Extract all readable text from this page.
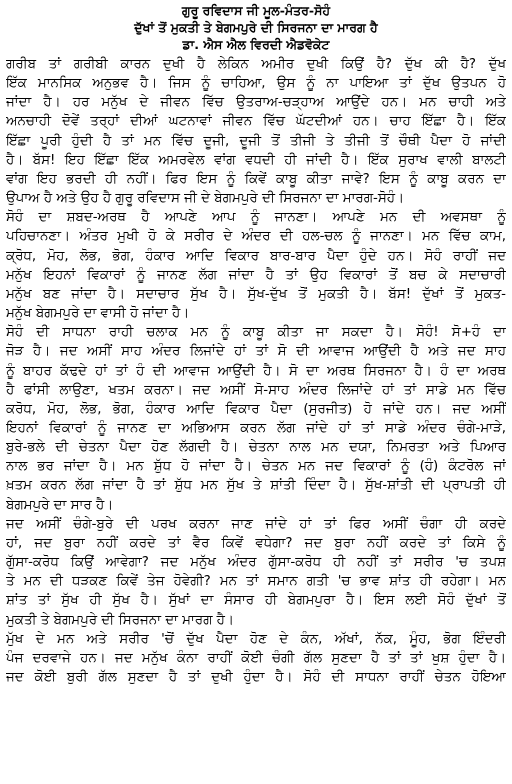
ਗੁਰੂ ਰਵਿਦਾਸ ਜੀ ਮੂਲ-ਮੰਤਰ-ਸੋਹੰ
ਦੁੱਖਾਂ ਤੋਂ ਮੁਕਤੀ ਤੇ ਬੇਗਮਪੁਰੇ ਦੀ ਸਿਰਜਨਾ ਦਾ ਮਾਰਗ ਹੈ
ਡਾ. ਐਸ ਐਲ ਵਿਰਦੀ ਐਡਵੋਕੇਟ
ਗਰੀਬ ਤਾਂ ਗਰੀਬੀ ਕਾਰਨ ਦੁਖੀ ਹੈ ਲੇਕਿਨ ਅਮੀਰ ਦੁਖੀ ਕਿਉਂ ਹੈ? ਦੁੱਖ ਕੀ ਹੈ? ਦੁੱਖ
ਇੱਕ ਮਾਨਸਿਕ ਅਨੁਭਵ ਹੈ। ਜਿਸ ਨੂੰ ਚਾਹਿਆ, ਉਸ ਨੂੰ ਨਾ ਪਾਇਆ ਤਾਂ ਦੁੱਖ ਉਤਪਨ ਹੋ
ਜਾਂਦਾ ਹੈ। ਹਰ ਮਨੁੱਖ ਦੇ ਜੀਵਨ ਵਿੱਚ ਉਤਰਾਅ-ਚੜ੍ਹਾਅ ਆਉਂਦੇ ਹਨ। ਮਨ ਚਾਹੀ ਅਤੇ
ਅਨਚਾਹੀ ਦੋਵੇਂ ਤਰ੍ਹਾਂ ਦੀਆਂ ਘਟਨਾਵਾਂ ਜੀਵਨ ਵਿੱਚ ਘੱਟਦੀਆਂ ਹਨ। ਚਾਹ ਇੱਛਾ ਹੈ। ਇੱਕ
ਇੱਛਾ ਪੂਰੀ ਹੁੰਦੀ ਹੈ ਤਾਂ ਮਨ ਵਿੱਚ ਦੂਜੀ, ਦੂਜੀ ਤੋਂ ਤੀਜੀ ਤੇ ਤੀਜੀ ਤੋਂ ਚੌਥੀ ਪੈਦਾ ਹੋ ਜਾਂਦੀ
ਹੈ। ਬੱਸ! ਇਹ ਇੱਛਾ ਇੱਕ ਅਮਰਵੇਲ ਵਾਂਗ ਵਧਦੀ ਹੀ ਜਾਂਦੀ ਹੈ। ਇੱਕ ਸੁਰਾਖ ਵਾਲੀ ਬਾਲਟੀ
ਵਾਂਗ ਇਹ ਭਰਦੀ ਹੀ ਨਹੀਂ। ਫਿਰ ਇਸ ਨੂੰ ਕਿਵੇਂ ਕਾਬੂ ਕੀਤਾ ਜਾਵੇ? ਇਸ ਨੂੰ ਕਾਬੂ ਕਰਨ ਦਾ
ਉਪਾਅ ਹੈ ਅਤੇ ਉਹ ਹੈ ਗੁਰੂ ਰਵਿਦਾਸ ਜੀ ਦੇ ਬੇਗਮਪੁਰੇ ਦੀ ਸਿਰਜਨਾ ਦਾ ਮਾਰਗ-ਸੋਹੰ।
ਸੋਹੰ ਦਾ ਸ਼ਬਦ-ਅਰਥ ਹੈ ਆਪਣੇ ਆਪ ਨੂੰ ਜਾਨਣਾ। ਆਪਣੇ ਮਨ ਦੀ ਅਵਸਥਾ ਨੂੰ
ਪਹਿਚਾਨਣਾ। ਅੰਤਰ ਮੁਖੀ ਹੋ ਕੇ ਸਰੀਰ ਦੇ ਅੰਦਰ ਦੀ ਹਲ-ਚਲ ਨੂੰ ਜਾਨਣਾ। ਮਨ ਵਿੱਚ ਕਾਮ,
ਕ੍ਰੋਧ, ਮੋਹ, ਲੋਭ, ਭੋਗ, ਹੰਕਾਰ ਆਦਿ ਵਿਕਾਰ ਬਾਰ-ਬਾਰ ਪੈਦਾ ਹੁੰਦੇ ਹਨ। ਸੋਹੰ ਰਾਹੀਂ ਜਦ
ਮਨੁੱਖ ਇਹਨਾਂ ਵਿਕਾਰਾਂ ਨੂੰ ਜਾਨਣ ਲੱਗ ਜਾਂਦਾ ਹੈ ਤਾਂ ਉਹ ਵਿਕਾਰਾਂ ਤੋਂ ਬਚ ਕੇ ਸਦਾਚਾਰੀ
ਮਨੁੱਖ ਬਣ ਜਾਂਦਾ ਹੈ। ਸਦਾਚਾਰ ਸੁੱਖ ਹੈ। ਸੁੱਖ-ਦੁੱਖ ਤੋਂ ਮੁਕਤੀ ਹੈ। ਬੱਸ! ਦੁੱਖਾਂ ਤੋਂ ਮੁਕਤ-
ਮਨੁੱਖ ਬੇਗਮਪੁਰੇ ਦਾ ਵਾਸੀ ਹੋ ਜਾਂਦਾ ਹੈ।
ਸੋਹੰ ਦੀ ਸਾਧਨਾ ਰਾਹੀ ਚਲਾਕ ਮਨ ਨੂੰ ਕਾਬੂ ਕੀਤਾ ਜਾ ਸਕਦਾ ਹੈ। ਸੋਹੰ! ਸੋ+ਹੰ ਦਾ
ਜੋੜ ਹੈ। ਜਦ ਅਸੀਂ ਸਾਹ ਅੰਦਰ ਲਿਜਾਂਦੇ ਹਾਂ ਤਾਂ ਸੋ ਦੀ ਆਵਾਜ ਆਉਂਦੀ ਹੈ ਅਤੇ ਜਦ ਸਾਹ
ਨੂੰ ਬਾਹਰ ਕੱਢਦੇ ਹਾਂ ਤਾਂ ਹੰ ਦੀ ਆਵਾਜ ਆਉਂਦੀ ਹੈ। ਸੋ ਦਾ ਅਰਥ ਸਿਰਜਨਾ ਹੈ। ਹੰ ਦਾ ਅਰਥ
ਹੈ ਫਾਂਸੀ ਲਾਉਣਾ, ਖਤਮ ਕਰਨਾ। ਜਦ ਅਸੀਂ ਸੋ-ਸਾਹ ਅੰਦਰ ਲਿਜਾਂਦੇ ਹਾਂ ਤਾਂ ਸਾਡੇ ਮਨ ਵਿੱਚ
ਕਰੋਧ, ਮੋਹ, ਲੋਭ, ਭੋਗ, ਹੰਕਾਰ ਆਦਿ ਵਿਕਾਰ ਪੈਦਾ (ਸੁਰਜੀਤ) ਹੋ ਜਾਂਦੇ ਹਨ। ਜਦ ਅਸੀਂ
ਇਹਨਾਂ ਵਿਕਾਰਾਂ ਨੂੰ ਜਾਨਣ ਦਾ ਅਭਿਆਸ ਕਰਨ ਲੱਗ ਜਾਂਦੇ ਹਾਂ ਤਾਂ ਸਾਡੇ ਅੰਦਰ ਚੰਗੇ-ਮਾੜੇ,
ਬੁਰੇ-ਭਲੇ ਦੀ ਚੇਤਨਾ ਪੈਦਾ ਹੋਣ ਲੱਗਦੀ ਹੈ। ਚੇਤਨਾ ਨਾਲ ਮਨ ਦਯਾ, ਨਿਮਰਤਾ ਅਤੇ ਪਿਆਰ
ਨਾਲ ਭਰ ਜਾਂਦਾ ਹੈ। ਮਨ ਸ਼ੁੱਧ ਹੋ ਜਾਂਦਾ ਹੈ। ਚੇਤਨ ਮਨ ਜਦ ਵਿਕਾਰਾਂ ਨੂੰ (ਹੰ) ਕੰਟਰੋਲ ਜਾਂ
ਖ਼ਤਮ ਕਰਨ ਲੱਗ ਜਾਂਦਾ ਹੈ ਤਾਂ ਸ਼ੁੱਧ ਮਨ ਸੁੱਖ ਤੇ ਸ਼ਾਂਤੀ ਦਿੰਦਾ ਹੈ। ਸੁੱਖ-ਸ਼ਾਂਤੀ ਦੀ ਪ੍ਰਾਪਤੀ ਹੀ
ਬੇਗਮਪੁਰੇ ਦਾ ਸਾਰ ਹੈ।
ਜਦ ਅਸੀਂ ਚੰਗੇ-ਬੁਰੇ ਦੀ ਪਰਖ ਕਰਨਾ ਜਾਣ ਜਾਂਦੇ ਹਾਂ ਤਾਂ ਫਿਰ ਅਸੀਂ ਚੰਗਾ ਹੀ ਕਰਦੇ
ਹਾਂ, ਜਦ ਬੁਰਾ ਨਹੀਂ ਕਰਦੇ ਤਾਂ ਵੈਰ ਕਿਵੇਂ ਵਧੇਗਾ? ਜਦ ਬੁਰਾ ਨਹੀਂ ਕਰਦੇ ਤਾਂ ਕਿਸੇ ਨੂੰ
ਗੁੱਸਾ-ਕਰੋਧ ਕਿਉਂ ਆਵੇਗਾ? ਜਦ ਮਨੁੱਖ ਅੰਦਰ ਗੁੱਸਾ-ਕਰੋਧ ਹੀ ਨਹੀਂ ਤਾਂ ਸਰੀਰ 'ਚ ਤਪਸ਼
ਤੇ ਮਨ ਦੀ ਧੜਕਣ ਕਿਵੇਂ ਤੇਜ ਹੋਵੇਗੀ? ਮਨ ਤਾਂ ਸਮਾਨ ਗਤੀ 'ਚ ਭਾਵ ਸ਼ਾਂਤ ਹੀ ਰਹੇਗਾ। ਮਨ
ਸ਼ਾਂਤ ਤਾਂ ਸੁੱਖ ਹੀ ਸੁੱਖ ਹੈ। ਸੁੱਖਾਂ ਦਾ ਸੰਸਾਰ ਹੀ ਬੇਗਮਪੁਰਾ ਹੈ। ਇਸ ਲਈ ਸੋਹੰ ਦੁੱਖਾਂ ਤੋਂ
ਮੁਕਤੀ ਤੇ ਬੇਗਮਪੁਰੇ ਦੀ ਸਿਰਜਨਾ ਦਾ ਮਾਰਗ ਹੈ।
ਮੁੱਖ ਦੇ ਮਨ ਅਤੇ ਸਰੀਰ 'ਚੋਂ ਦੁੱਖ ਪੈਦਾ ਹੋਣ ਦੇ ਕੰਨ, ਅੱਖਾਂ, ਨੱਕ, ਮੂੰਹ, ਭੋਗ ਇੰਦਰੀ
ਪੰਜ ਦਰਵਾਜੇ ਹਨ। ਜਦ ਮਨੁੱਖ ਕੰਨਾ ਰਾਹੀਂ ਕੋਈ ਚੰਗੀ ਗੱਲ ਸੁਣਦਾ ਹੈ ਤਾਂ ਤਾਂ ਖੁਸ਼ ਹੁੰਦਾ ਹੈ।
ਜਦ ਕੋਈ ਬੁਰੀ ਗੱਲ ਸੁਣਦਾ ਹੈ ਤਾਂ ਦੁਖੀ ਹੁੰਦਾ ਹੈ। ਸੋਹੰ ਦੀ ਸਾਧਨਾ ਰਾਹੀਂ ਚੇਤਨ ਹੋਇਆ
